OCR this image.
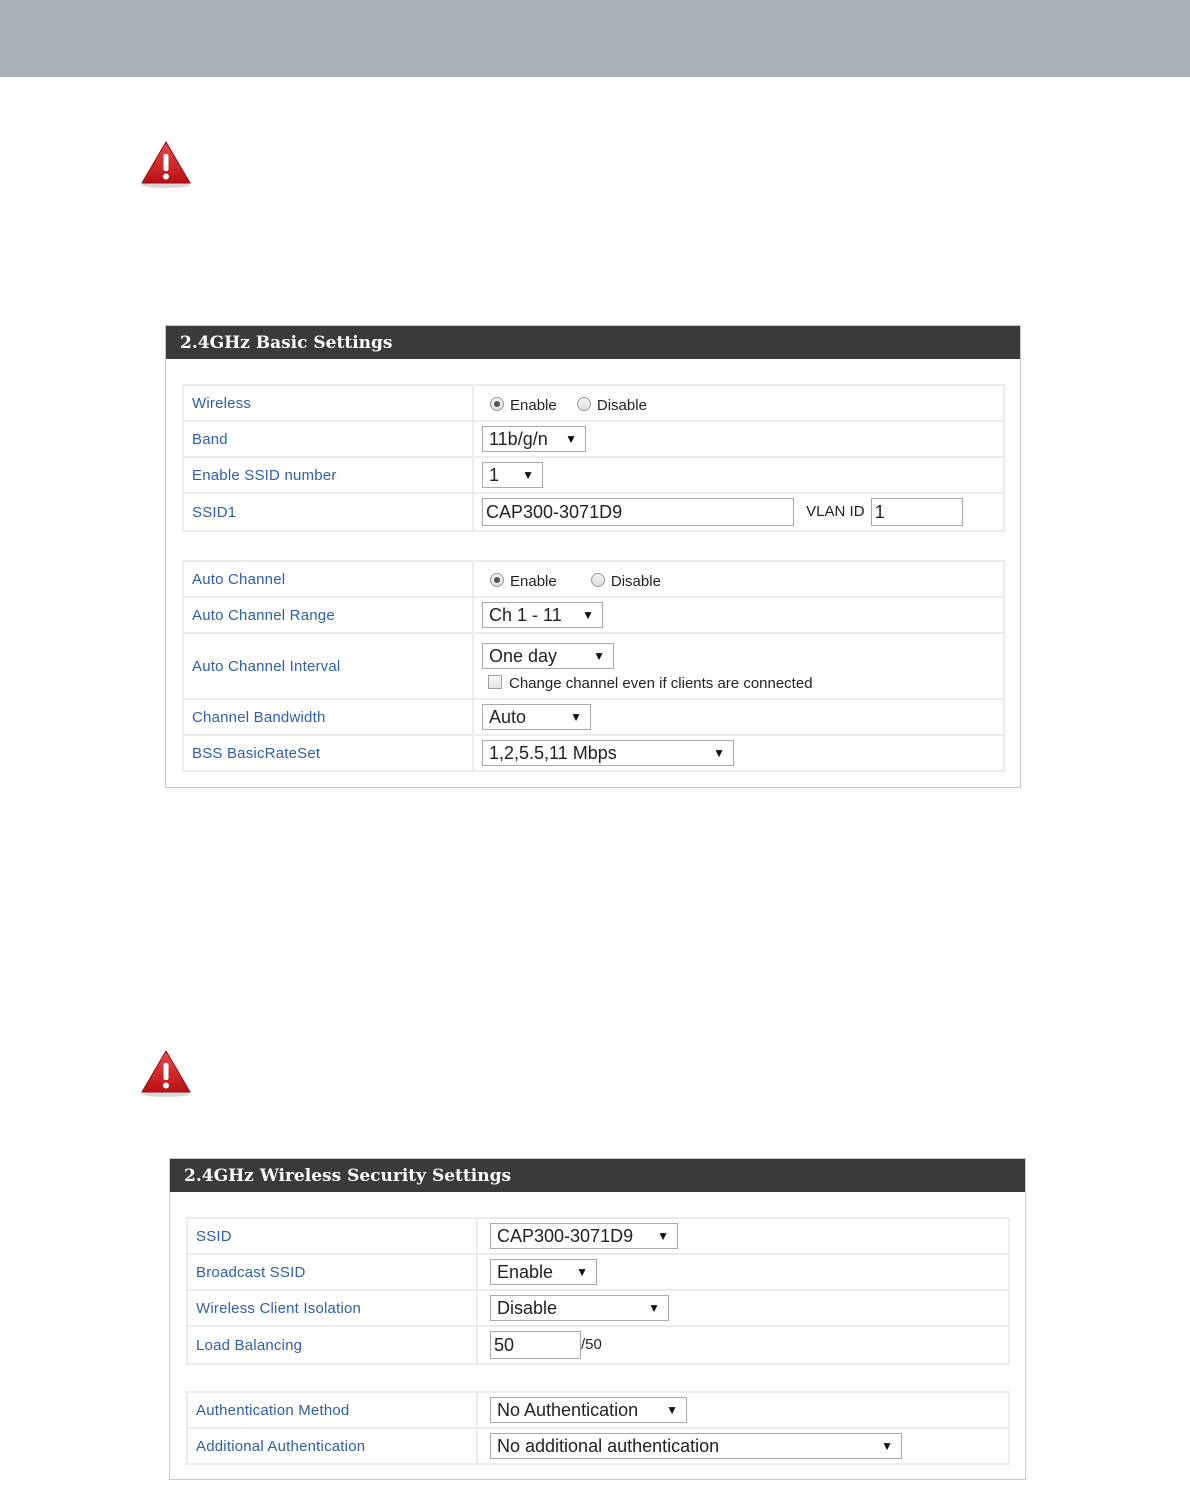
2.4GHz Basic Settings
Wireless	Enable Disable
Band	11b/g/n ▼

Enable SSID number	1 ▼

SSID1	CAP300-3071D9 VLAN ID 1
Auto Channel	Enable Disable
Auto Channel Range	Ch 1 - 11 ▼

Auto Channel Interval	One day ▼
Change channel even if clients are connected

Channel Bandwidth	Auto ▼

BSS BasicRateSet	1,2,5.5,11 Mbps ▼
2.4GHz Wireless Security Settings
SSID	CAP300-3071D9 ▼

Broadcast SSID	Enable ▼

Wireless Client Isolation	Disable ▼

Load Balancing	50 /50
Authentication Method	No Authentication ▼

Additional Authentication	No additional authentication ▼
